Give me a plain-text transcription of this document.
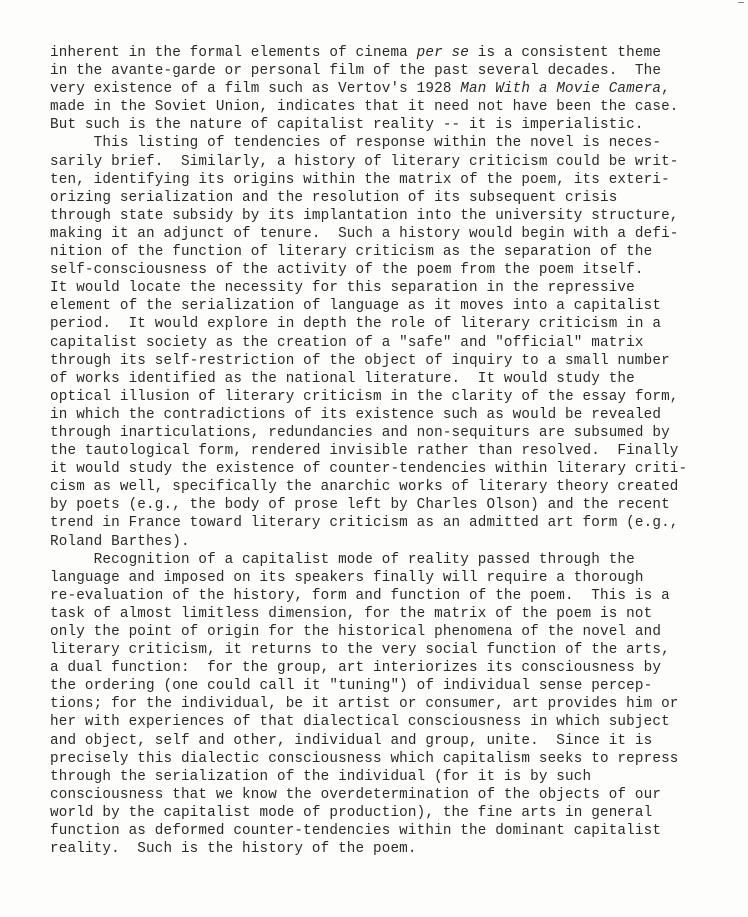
inherent in the formal elements of cinema per se is a consistent theme
in the avante-garde or personal film of the past several decades.  The
very existence of a film such as Vertov's 1928 Man With a Movie Camera,
made in the Soviet Union, indicates that it need not have been the case.
But such is the nature of capitalist reality -- it is imperialistic.
This listing of tendencies of response within the novel is neces-
sarily brief.  Similarly, a history of literary criticism could be writ-
ten, identifying its origins within the matrix of the poem, its exteri-
orizing serialization and the resolution of its subsequent crisis
through state subsidy by its implantation into the university structure,
making it an adjunct of tenure.  Such a history would begin with a defi-
nition of the function of literary criticism as the separation of the
self-consciousness of the activity of the poem from the poem itself.
It would locate the necessity for this separation in the repressive
element of the serialization of language as it moves into a capitalist
period.  It would explore in depth the role of literary criticism in a
capitalist society as the creation of a "safe" and "official" matrix
through its self-restriction of the object of inquiry to a small number
of works identified as the national literature.  It would study the
optical illusion of literary criticism in the clarity of the essay form,
in which the contradictions of its existence such as would be revealed
through inarticulations, redundancies and non-sequiturs are subsumed by
the tautological form, rendered invisible rather than resolved.  Finally
it would study the existence of counter-tendencies within literary criti-
cism as well, specifically the anarchic works of literary theory created
by poets (e.g., the body of prose left by Charles Olson) and the recent
trend in France toward literary criticism as an admitted art form (e.g.,
Roland Barthes).
Recognition of a capitalist mode of reality passed through the
language and imposed on its speakers finally will require a thorough
re-evaluation of the history, form and function of the poem.  This is a
task of almost limitless dimension, for the matrix of the poem is not
only the point of origin for the historical phenomena of the novel and
literary criticism, it returns to the very social function of the arts,
a dual function:  for the group, art interiorizes its consciousness by
the ordering (one could call it "tuning") of individual sense percep-
tions; for the individual, be it artist or consumer, art provides him or
her with experiences of that dialectical consciousness in which subject
and object, self and other, individual and group, unite.  Since it is
precisely this dialectic consciousness which capitalism seeks to repress
through the serialization of the individual (for it is by such
consciousness that we know the overdetermination of the objects of our
world by the capitalist mode of production), the fine arts in general
function as deformed counter-tendencies within the dominant capitalist
reality.  Such is the history of the poem.
